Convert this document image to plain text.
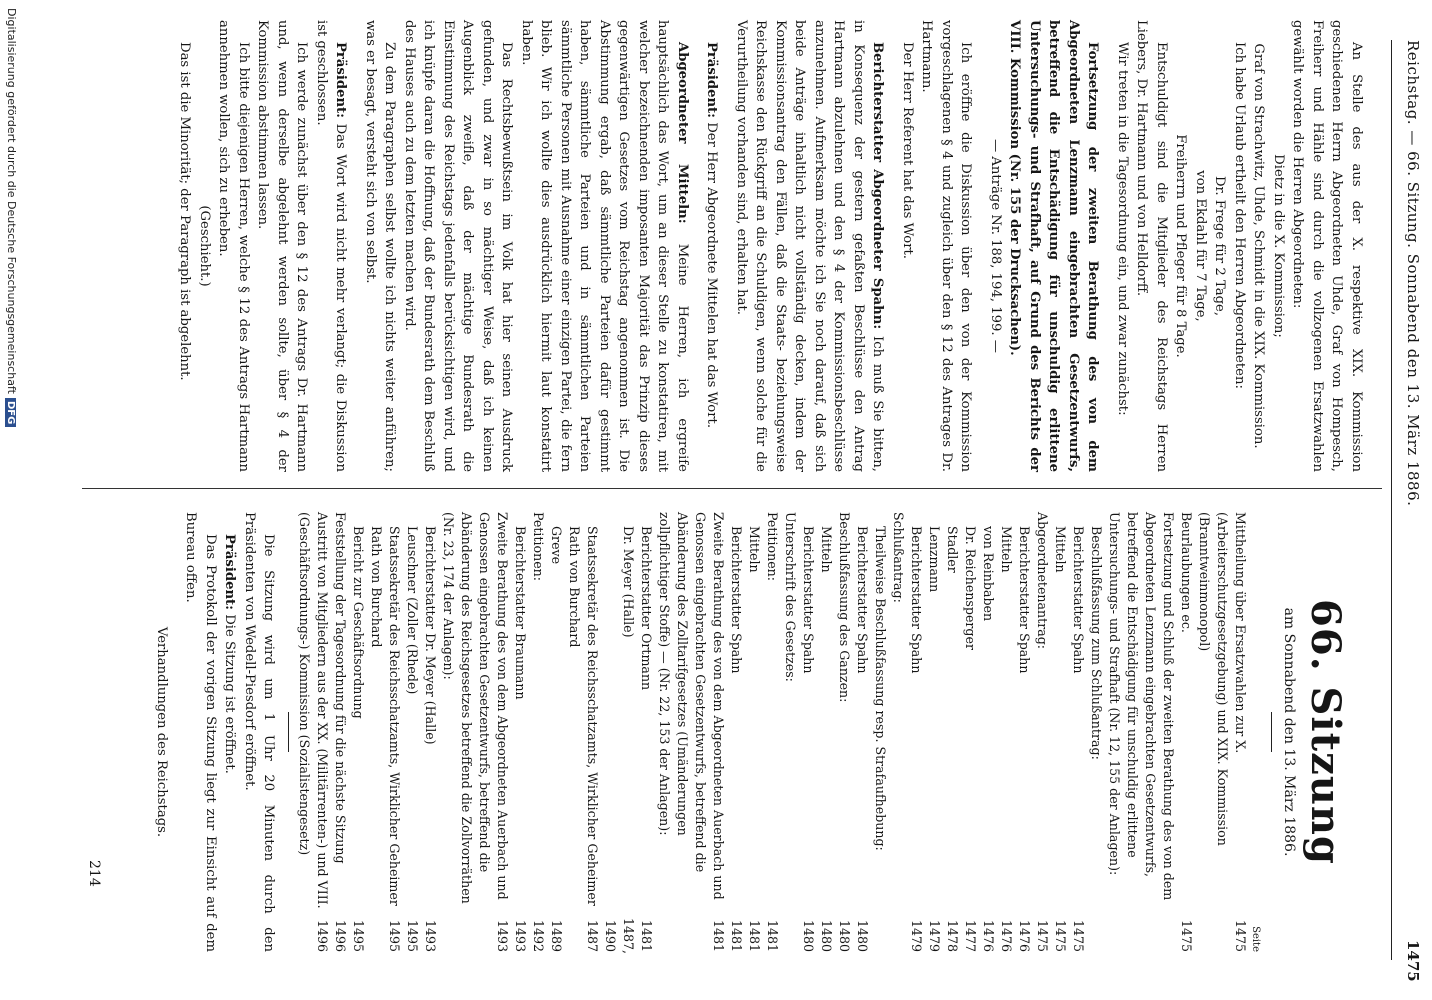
Reichstag. — 66. Sitzung. Sonnabend den 13. März 1886.
1475

An Stelle des aus der X. respektive XIX. Kommission geschiedenen Herrn Abgeordneten Uhde, Graf von Hompesch, Freiherr und Hähle sind durch die vollzogenen Ersatzwahlen gewählt worden die Herren Abgeordneten:

Dietz in die X. Kommission;

Graf von Strachwitz, Uhde, Schmidt in die XIX. Kommission.

Ich habe Urlaub ertheilt den Herren Abgeordneten:

Dr. Frege für 2 Tage,

von Ekdahl für 7 Tage,

Freiherrn und Pfleger für 8 Tage.

Entschuldigt sind die Mitglieder des Reichstags Herren Liebers, Dr. Hartmann und von Helldorff.

Wir treten in die Tagesordnung ein, und zwar zunächst:

Fortsetzung der zweiten Berathung des von dem Abgeordneten Lenzmann eingebrachten Gesetzentwurfs, betreffend die Entschädigung für unschuldig erlittene Untersuchungs- und Strafhaft, auf Grund des Berichts der VIII. Kommission (Nr. 155 der Drucksachen).

— Anträge Nr. 188, 194, 199. —

Ich eröffne die Diskussion über den von der Kommission vorgeschlagenen § 4 und zugleich über den § 12 des Antrages Dr. Hartmann.

Der Herr Referent hat das Wort.

Berichterstatter Abgeordneter Spahn: Ich muß Sie bitten, in Konsequenz der gestern gefaßten Beschlüsse den Antrag Hartmann abzulehnen und den § 4 der Kommissionsbeschlüsse anzunehmen. Aufmerksam möchte ich Sie noch darauf, daß sich beide Anträge inhaltlich nicht vollständig decken, indem der Kommissionsantrag den Fällen, daß die Staats- beziehungsweise Reichskasse den Rückgriff an die Schuldigen, wenn solche für die Verurtheilung vorhanden sind, erhalten hat.

Präsident: Der Herr Abgeordnete Mittelen hat das Wort.

Abgeordneter Mitteln: Meine Herren, ich ergreife hauptsächlich das Wort, um an dieser Stelle zu konstatiren, mit welcher bezeichnenden imposanten Majorität das Prinzip dieses gegenwärtigen Gesetzes vom Reichstag angenommen ist. Die Abstimmung ergab, daß sämmtliche Parteien dafür gestimmt haben, sämmtliche Parteien und in sämmtlichen Parteien sämmtliche Personen mit Ausnahme einer einzigen Partei, die fern blieb. Wir ich wollte dies ausdrücklich hiermit laut konstatirt haben.

Das Rechtsbewußtsein im Volk hat hier seinen Ausdruck gefunden, und zwar in so mächtiger Weise, daß ich keinen Augenblick zweifle, daß der mächtige Bundesrath die Einstimmung des Reichstags jedenfalls berücksichtigen wird, und ich knüpfe daran die Hoffnung, daß der Bundesrath dem Beschluß des Hauses auch zu dem letzten machen wird.

Zu dem Paragraphen selbst wollte ich nichts weiter anführen; was er besagt, versteht sich von selbst.

Präsident: Das Wort wird nicht mehr verlangt; die Diskussion ist geschlossen.

Ich werde zunächst über den § 12 des Antrags Dr. Hartmann und, wenn derselbe abgelehnt werden sollte, über § 4 der Kommission abstimmen lassen.

Ich bitte diejenigen Herren, welche § 12 des Antrags Hartmann annehmen wollen, sich zu erheben.

(Geschieht.)

Das ist die Minorität; der Paragraph ist abgelehnt.

66. Sitzung
am Sonnabend den 13. März 1886.
Seite
Mittheilung über Ersatzwahlen zur X. (Arbeiterschutzgesetzgebung) und XIX. Kommission (Branntweinmonopol)
1475
Beurlaubungen ec.
1475
Fortsetzung und Schluß der zweiten Berathung des von dem Abgeordneten Lenzmann eingebrachten Gesetzentwurfs, betreffend die Entschädigung für unschuldig erlittene Untersuchungs- und Strafhaft (Nr. 12, 155 der Anlagen):
Beschlußfassung zum Schlußantrag:
Berichterstatter Spahn
1475
Mitteln
1475
Abgeordnetenantrag:
1475
Berichterstatter Spahn
1476
Mitteln
1476
von Reinbaben
1476
Dr. Reichensperger
1477
Stadler
1478
Lenzmann
1479
Berichterstatter Spahn
1479
Schlußantrag:
Theilweise Beschlußfassung resp. Strafaufhebung:
Berichterstatter Spahn
1480
Beschlußfassung des Ganzen:
1480
Mitteln
1480
Berichterstatter Spahn
1480
Unterschrift des Gesetzes:
Petitionen:
1481
Mitteln
1481
Berichterstatter Spahn
1481
Zweite Berathung des von dem Abgeordneten Auerbach und Genossen eingebrachten Gesetzentwurfs, betreffend die Abänderung des Zolltarifgesetzes (Umänderungen zollpflichtiger Stoffe) — (Nr. 22, 153 der Anlagen):
1481
Berichterstatter Ortmann
1481
Dr. Meyer (Halle)
1487, 1490
Staatssekretär des Reichsschatzamts, Wirklicher Geheimer Rath von Burchard
1487
Greve
1489
Petitionen:
1492
Berichterstatter Braumann
1493
Zweite Berathung des von dem Abgeordneten Auerbach und Genossen eingebrachten Gesetzentwurfs, betreffend die Abänderung des Reichsgesetzes betreffend die Zollvorräthen (Nr. 23, 174 der Anlagen):
1493
Berichterstatter Dr. Meyer (Halle)
1493
Leuschner (Zoller (Rhede)
1495
Staatssekretär des Reichsschatzamts, Wirklicher Geheimer Rath von Burchard
1495
Bericht zur Geschäftsordnung
1495
Feststellung der Tagesordnung für die nächste Sitzung
1496
Austritt von Mitgliedern aus der XX. (Militärrenten-) und VIII. (Geschäftsordnungs-) Kommission (Sozialistengesetz)
1496

Die Sitzung wird um 1 Uhr 20 Minuten durch den Präsidenten von Wedell-Piesdorf eröffnet.

Präsident: Die Sitzung ist eröffnet.

Das Protokoll der vorigen Sitzung liegt zur Einsicht auf dem Bureau offen.

Verhandlungen des Reichstags.

214
Digitalisierung gefördert durch die Deutsche ForschungsgemeinschaftDFG
